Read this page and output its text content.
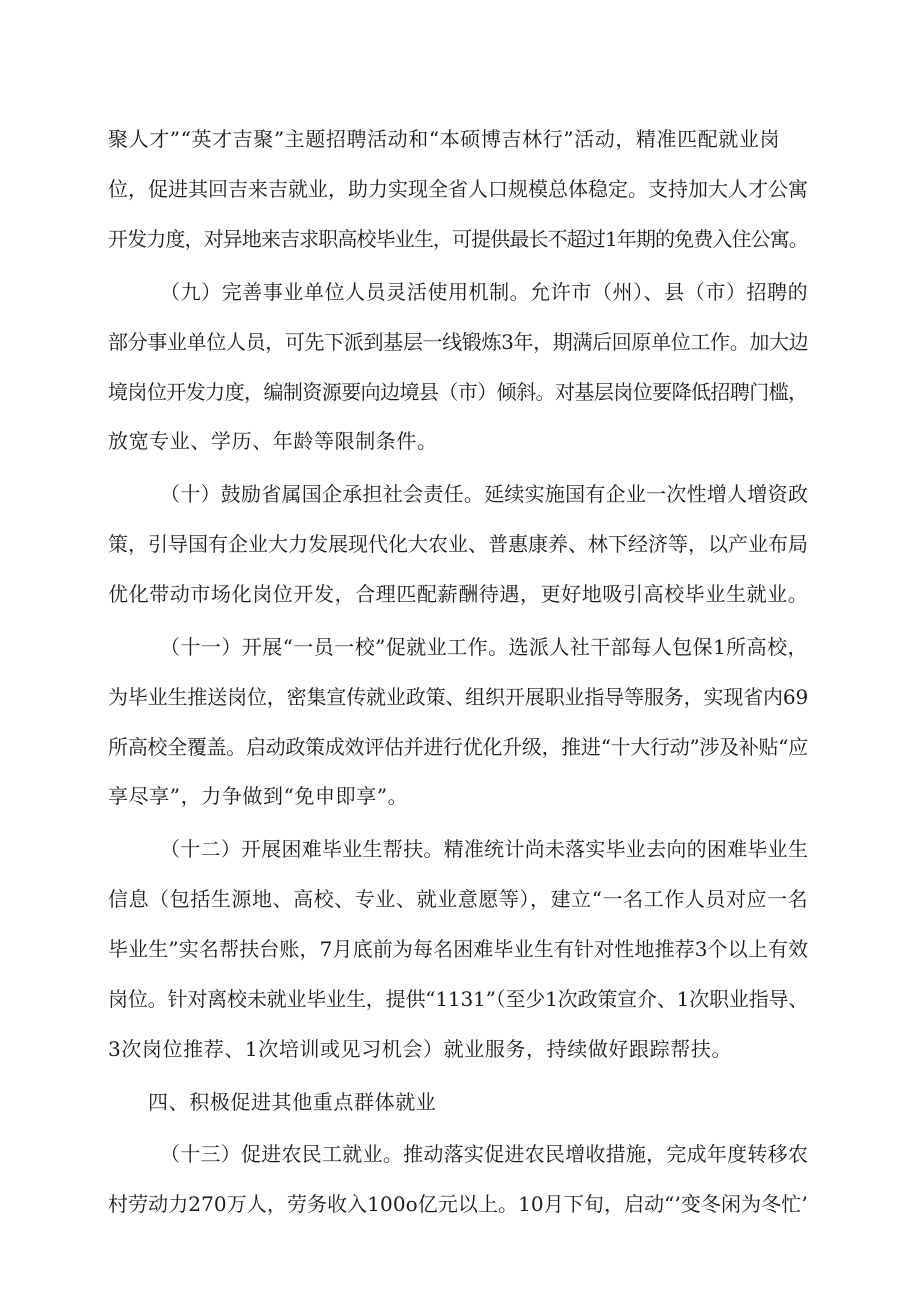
聚人才”“英才吉聚”主题招聘活动和“本硕博吉林行”活动，精准匹配就业岗
位，促进其回吉来吉就业，助力实现全省人口规模总体稳定。支持加大人才公寓
开发力度，对异地来吉求职高校毕业生，可提供最长不超过1年期的免费入住公寓。
（九）完善事业单位人员灵活使用机制。允许市（州）、县（市）招聘的
部分事业单位人员，可先下派到基层一线锻炼3年，期满后回原单位工作。加大边
境岗位开发力度，编制资源要向边境县（市）倾斜。对基层岗位要降低招聘门槛，
放宽专业、学历、年龄等限制条件。
（十）鼓励省属国企承担社会责任。延续实施国有企业一次性增人增资政
策，引导国有企业大力发展现代化大农业、普惠康养、林下经济等，以产业布局
优化带动市场化岗位开发，合理匹配薪酬待遇，更好地吸引高校毕业生就业。
（十一）开展“一员一校”促就业工作。选派人社干部每人包保1所高校，
为毕业生推送岗位，密集宣传就业政策、组织开展职业指导等服务，实现省内69
所高校全覆盖。启动政策成效评估并进行优化升级，推进“十大行动”涉及补贴“应
享尽享”，力争做到“免申即享”。
（十二）开展困难毕业生帮扶。精准统计尚未落实毕业去向的困难毕业生
信息（包括生源地、高校、专业、就业意愿等），建立“一名工作人员对应一名
毕业生”实名帮扶台账，7月底前为每名困难毕业生有针对性地推荐3个以上有效
岗位。针对离校未就业毕业生，提供“1131”（至少1次政策宣介、1次职业指导、
3次岗位推荐、1次培训或见习机会）就业服务，持续做好跟踪帮扶。
四、积极促进其他重点群体就业
（十三）促进农民工就业。推动落实促进农民增收措施，完成年度转移农
村劳动力270万人，劳务收入100o亿元以上。10月下旬，启动“’变冬闲为冬忙’
